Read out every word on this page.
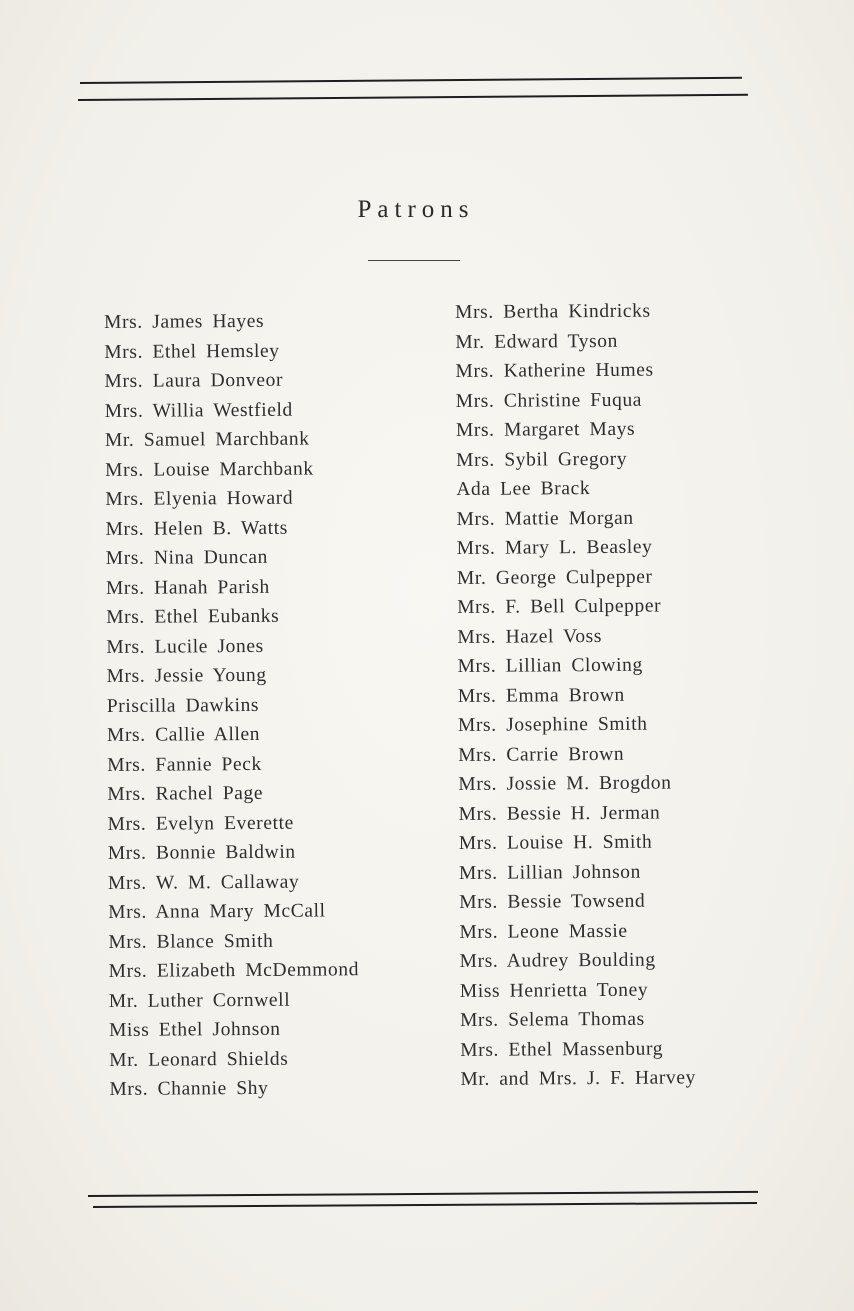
Patrons
Mrs. James Hayes
Mrs. Ethel Hemsley
Mrs. Laura Donveor
Mrs. Willia Westfield
Mr. Samuel Marchbank
Mrs. Louise Marchbank
Mrs. Elyenia Howard
Mrs. Helen B. Watts
Mrs. Nina Duncan
Mrs. Hanah Parish
Mrs. Ethel Eubanks
Mrs. Lucile Jones
Mrs. Jessie Young
Priscilla Dawkins
Mrs. Callie Allen
Mrs. Fannie Peck
Mrs. Rachel Page
Mrs. Evelyn Everette
Mrs. Bonnie Baldwin
Mrs. W. M. Callaway
Mrs. Anna Mary McCall
Mrs. Blance Smith
Mrs. Elizabeth McDemmond
Mr. Luther Cornwell
Miss Ethel Johnson
Mr. Leonard Shields
Mrs. Channie Shy
Mrs. Bertha Kindricks
Mr. Edward Tyson
Mrs. Katherine Humes
Mrs. Christine Fuqua
Mrs. Margaret Mays
Mrs. Sybil Gregory
Ada Lee Brack
Mrs. Mattie Morgan
Mrs. Mary L. Beasley
Mr. George Culpepper
Mrs. F. Bell Culpepper
Mrs. Hazel Voss
Mrs. Lillian Clowing
Mrs. Emma Brown
Mrs. Josephine Smith
Mrs. Carrie Brown
Mrs. Jossie M. Brogdon
Mrs. Bessie H. Jerman
Mrs. Louise H. Smith
Mrs. Lillian Johnson
Mrs. Bessie Towsend
Mrs. Leone Massie
Mrs. Audrey Boulding
Miss Henrietta Toney
Mrs. Selema Thomas
Mrs. Ethel Massenburg
Mr. and Mrs. J. F. Harvey
